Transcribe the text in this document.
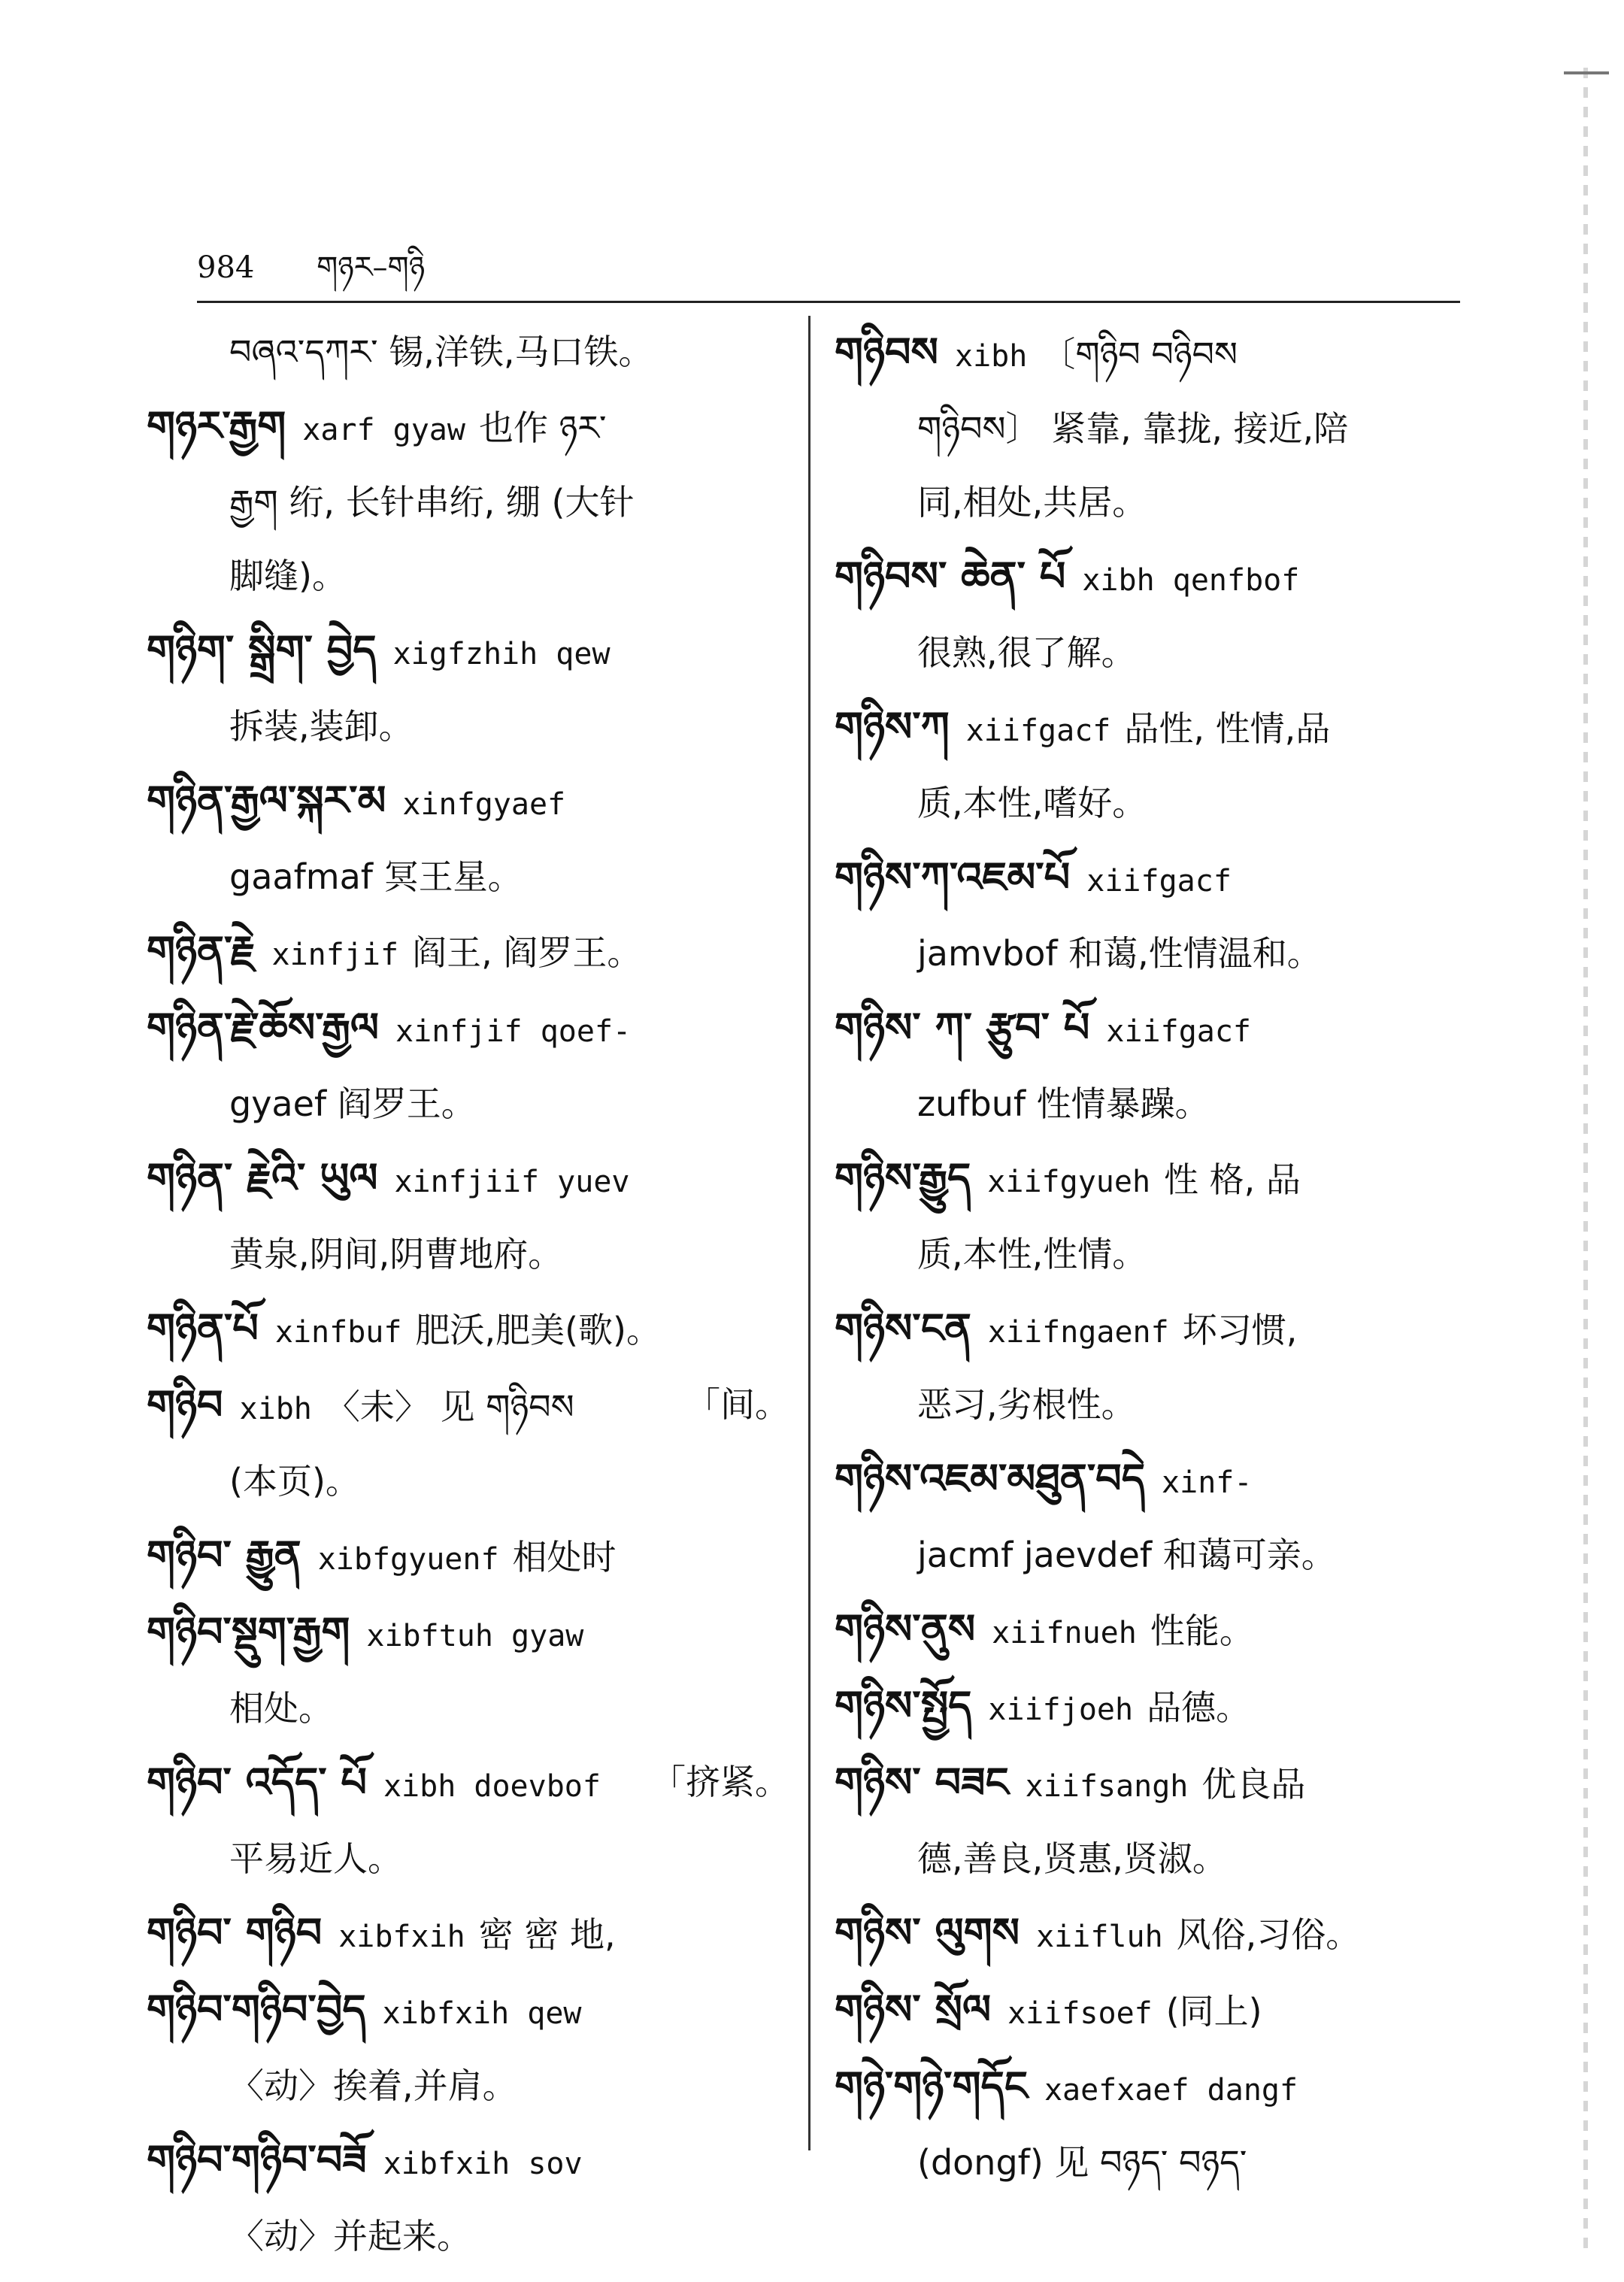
984 གཉར–གཉི
བཞའ་དཀར་ 锡,洋铁,马口铁。
གཉར་རྒྱག xarf gyaw 也作 ཉར་
རྒྱག 绗, 长针串绗, 绷 (大针
脚缝)。
གཉིག་ སྒྲིག་ བྱེད xigfzhih qew
拆装,装卸。
གཉིན་རྒྱལ་སྐར་མ xinfgyaef
gaafmaf 冥王星。
གཉིན་རྗེ xinfjif 阎王, 阎罗王。
གཉིན་རྗེ་ཆོས་རྒྱལ xinfjif qoef-
gyaef 阎罗王。
གཉིན་ རྗེའི་ ཡུལ xinfjiif yuev
黄泉,阴间,阴曹地府。
གཉིན་པོ xinfbuf 肥沃,肥美(歌)。
གཉིབ xibh 〈未〉 见 གཉིབས	「间。
(本页)。
གཉིབ་ རྒྱུན xibfgyuenf 相处时
གཉིབ་སྡུག་རྒྱག xibftuh gyaw
相处。
གཉིབ་ འདོད་ པོ xibh doevbof 「挤紧。
平易近人。
གཉིབ་ གཉིབ xibfxih 密 密 地,
གཉིབ་གཉིབ་བྱེད xibfxih qew
〈动〉挨着,并肩。
གཉིབ་གཉིབ་བཟོ xibfxih sov
〈动〉并起来。
གཉིབས xibh 〔གཉིབ བཉིབས
གཉིབས〕 紧靠, 靠拢, 接近,陪
同,相处,共居。
གཉིབས་ ཆེན་ པོ xibh qenfbof
很熟,很了解。
གཉིས་ཀ xiifgacf 品性, 性情,品
质,本性,嗜好。
གཉིས་ཀ་འཇམ་པོ xiifgacf
jamvbof 和蔼,性情温和。
གཉིས་ ཀ་ རྩུབ་ པོ xiifgacf
zufbuf 性情暴躁。
གཉིས་རྒྱུད xiifgyueh 性 格, 品
质,本性,性情。
གཉིས་ངན xiifngaenf 坏习惯,
恶习,劣根性。
གཉིས་འཇམ་མཐུན་བདེ xinf-
jacmf jaevdef 和蔼可亲。
གཉིས་ནུས xiifnueh 性能。
གཉིས་སྤྱོད xiifjoeh 品德。
གཉིས་ བཟང xiifsangh 优良品
德,善良,贤惠,贤淑。
གཉིས་ ལུགས xiifluh 风俗,习俗。
གཉིས་ སྲོལ xiifsoef (同上)
གཉེ་གཉེ་གདོང xaefxaef dangf
(dongf) 见 བཉད་ བཉད་
